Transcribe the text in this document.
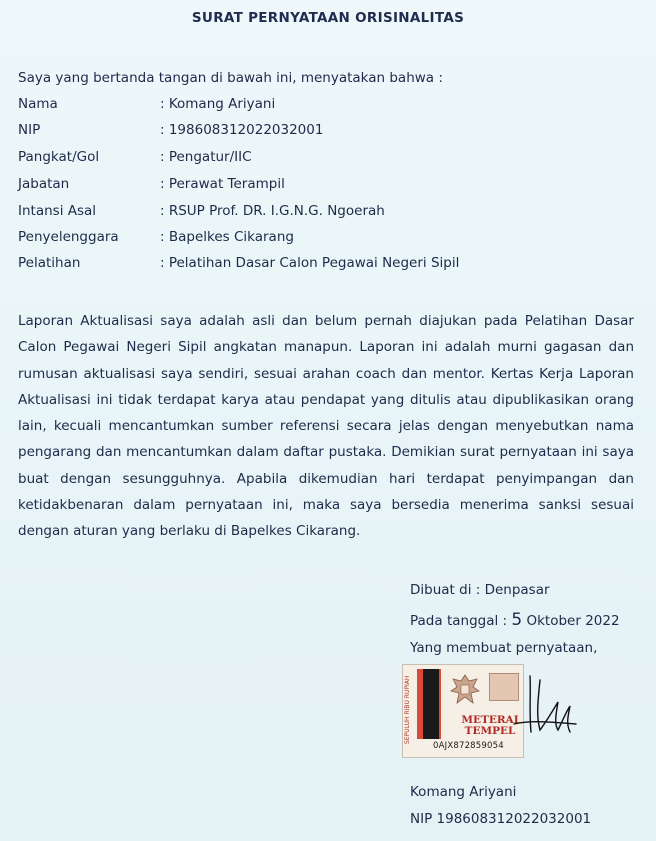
SURAT PERNYATAAN ORISINALITAS
Saya yang bertanda tangan di bawah ini, menyatakan bahwa :
Nama	: Komang Ariyani
NIP	: 198608312022032001
Pangkat/Gol	: Pengatur/IIC
Jabatan	: Perawat Terampil
Intansi Asal	: RSUP Prof. DR. I.G.N.G. Ngoerah
Penyelenggara	: Bapelkes Cikarang
Pelatihan	: Pelatihan Dasar Calon Pegawai Negeri Sipil
Laporan Aktualisasi saya adalah asli dan belum pernah diajukan pada Pelatihan Dasar Calon Pegawai Negeri Sipil angkatan manapun. Laporan ini adalah murni gagasan dan rumusan aktualisasi saya sendiri, sesuai arahan coach dan mentor. Kertas Kerja Laporan Aktualisasi ini tidak terdapat karya atau pendapat yang ditulis atau dipublikasikan orang lain, kecuali mencantumkan sumber referensi secara jelas dengan menyebutkan nama pengarang dan mencantumkan dalam daftar pustaka. Demikian surat pernyataan ini saya buat dengan sesungguhnya. Apabila dikemudian hari terdapat penyimpangan dan ketidakbenaran dalam pernyataan ini, maka saya bersedia menerima sanksi sesuai dengan aturan yang berlaku di Bapelkes Cikarang.
Dibuat di : Denpasar
Pada tanggal : 5 Oktober 2022
Yang membuat pernyataan,
SEPULUH RIBU RUPIAH	METERAI TEMPEL
0AJX872859054
Komang Ariyani
NIP 198608312022032001
